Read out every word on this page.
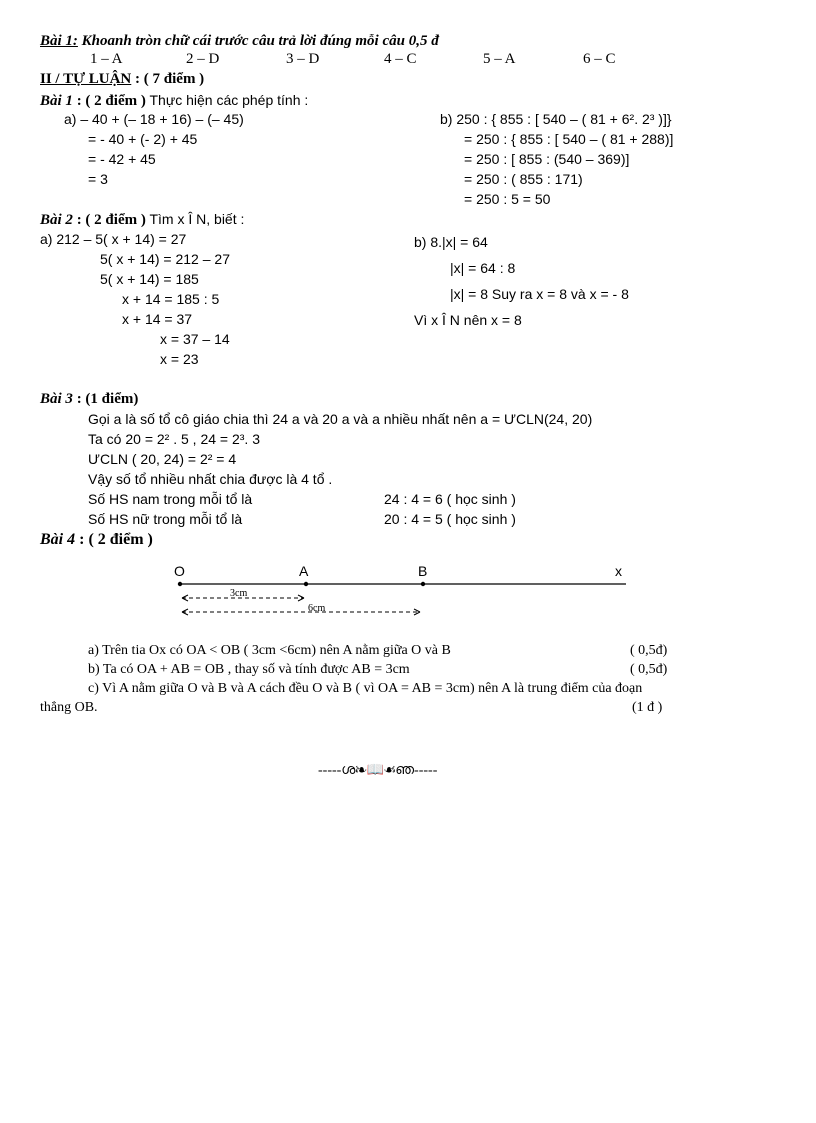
Bài 1: Khoanh tròn chữ cái trước câu trả lời đúng mỗi câu 0,5 đ
1 – A	2 – D	3 – D	4 – C	5 – A	6 – C
II / TỰ LUẬN : ( 7 điểm )
Bài 1 : ( 2 điểm ) Thực hiện các phép tính :
a) – 40 + (– 18 + 16) – (– 45)
= - 40 + (- 2) + 45
= - 42 + 45
= 3
b) 250 : { 855 : [ 540 – ( 81 + 6². 2³ )]}
= 250 : { 855 : [ 540 – ( 81 + 288)]
= 250 : [ 855 : (540 – 369)]
= 250 : ( 855 : 171)
= 250 : 5 = 50
Bài 2 : ( 2 điểm ) Tìm x Î N, biết :
a) 212 – 5( x + 14) = 27
5( x + 14) = 212 – 27
5( x + 14) = 185
x + 14 = 185 : 5
x + 14 = 37
x = 37 – 14
x = 23
b) 8.|x| = 64
|x| = 64 : 8
|x| = 8 Suy ra x = 8 và x = - 8
Vì x Î N nên x = 8
Bài 3 : (1 điểm)
Gọi a là số tổ cô giáo chia thì 24 a và 20 a và a nhiều nhất nên a = ƯCLN(24, 20)
Ta có 20 = 2² . 5 , 24 = 2³. 3
ƯCLN ( 20, 24) = 2² = 4
Vậy số tổ nhiều nhất chia được là 4 tổ .
Số HS nam trong mỗi tổ là	24 : 4 = 6 ( học sinh )
Số HS nữ trong mỗi tổ là	20 : 4 = 5 ( học sinh )
Bài 4 : ( 2 điểm )
O	A	B	x
3cm
6cm
a) Trên tia Ox có OA < OB ( 3cm <6cm) nên A nằm giữa O và B	( 0,5đ)
b) Ta có OA + AB = OB , thay số và tính được AB = 3cm	( 0,5đ)
c) Vì A nằm giữa O và B và A cách đều O và B ( vì OA = AB = 3cm) nên A là trung điểm của đoạn
thẳng OB.	(1 đ )
-----ശ❧📖☙ഞ-----
